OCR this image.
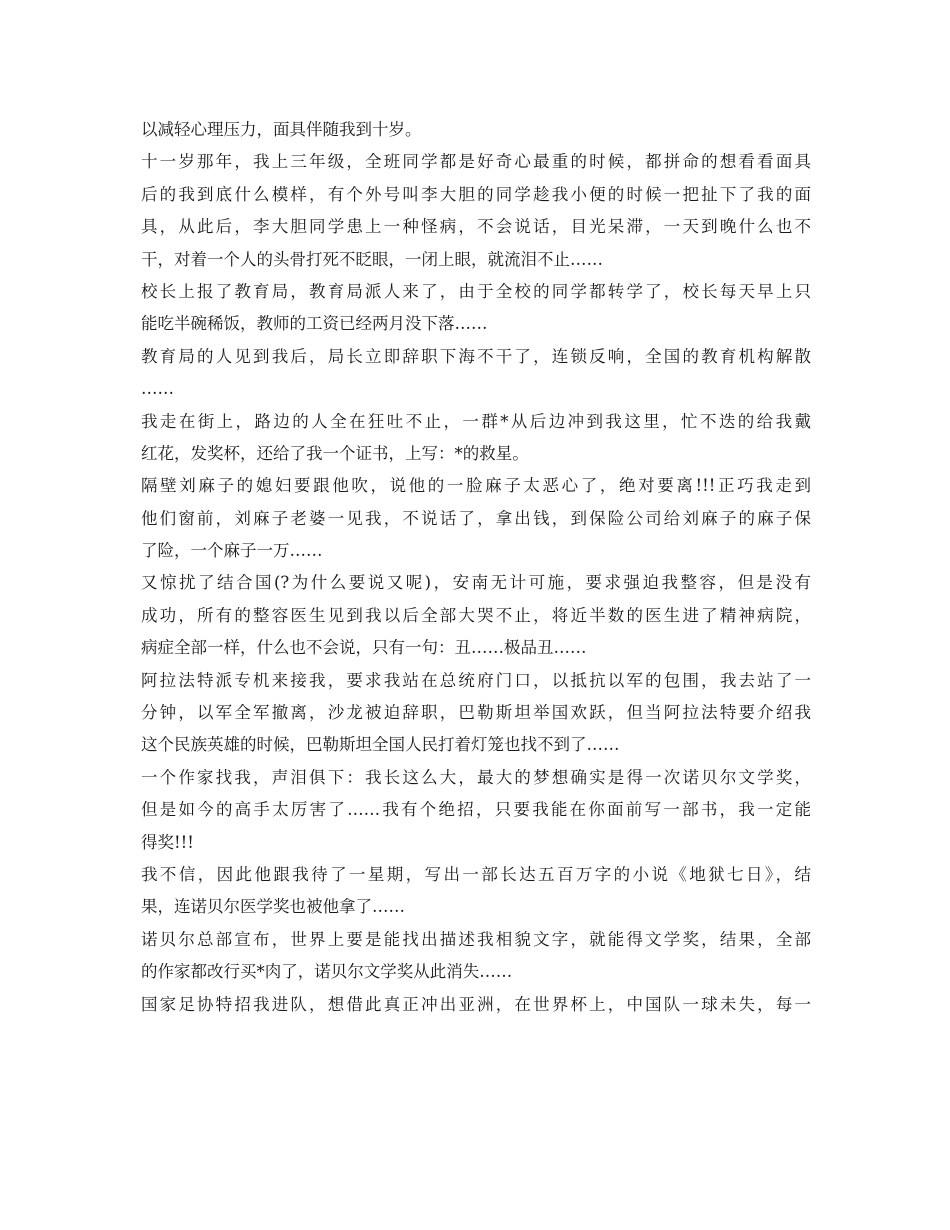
以减轻心理压力，面具伴随我到十岁。
十一岁那年，我上三年级，全班同学都是好奇心最重的时候，都拼命的想看看面具
后的我到底什么模样，有个外号叫李大胆的同学趁我小便的时候一把扯下了我的面
具，从此后，李大胆同学患上一种怪病，不会说话，目光呆滞，一天到晚什么也不
干，对着一个人的头骨打死不眨眼，一闭上眼，就流泪不止……
校长上报了教育局，教育局派人来了，由于全校的同学都转学了，校长每天早上只
能吃半碗稀饭，教师的工资已经两月没下落……
教育局的人见到我后，局长立即辞职下海不干了，连锁反响，全国的教育机构解散
……
我走在街上，路边的人全在狂吐不止，一群*从后边冲到我这里，忙不迭的给我戴
红花，发奖杯，还给了我一个证书，上写：*的救星。
隔壁刘麻子的媳妇要跟他吹，说他的一脸麻子太恶心了，绝对要离!!!正巧我走到
他们窗前，刘麻子老婆一见我，不说话了，拿出钱，到保险公司给刘麻子的麻子保
了险，一个麻子一万……
又惊扰了结合国(?为什么要说又呢)，安南无计可施，要求强迫我整容，但是没有
成功，所有的整容医生见到我以后全部大哭不止，将近半数的医生进了精神病院，
病症全部一样，什么也不会说，只有一句：丑……极品丑……
阿拉法特派专机来接我，要求我站在总统府门口，以抵抗以军的包围，我去站了一
分钟，以军全军撤离，沙龙被迫辞职，巴勒斯坦举国欢跃，但当阿拉法特要介绍我
这个民族英雄的时候，巴勒斯坦全国人民打着灯笼也找不到了……
一个作家找我，声泪俱下：我长这么大，最大的梦想确实是得一次诺贝尔文学奖，
但是如今的高手太厉害了……我有个绝招，只要我能在你面前写一部书，我一定能
得奖!!!
我不信，因此他跟我待了一星期，写出一部长达五百万字的小说《地狱七日》，结
果，连诺贝尔医学奖也被他拿了……
诺贝尔总部宣布，世界上要是能找出描述我相貌文字，就能得文学奖，结果，全部
的作家都改行买*肉了，诺贝尔文学奖从此消失……
国家足协特招我进队，想借此真正冲出亚洲，在世界杯上，中国队一球未失，每一
